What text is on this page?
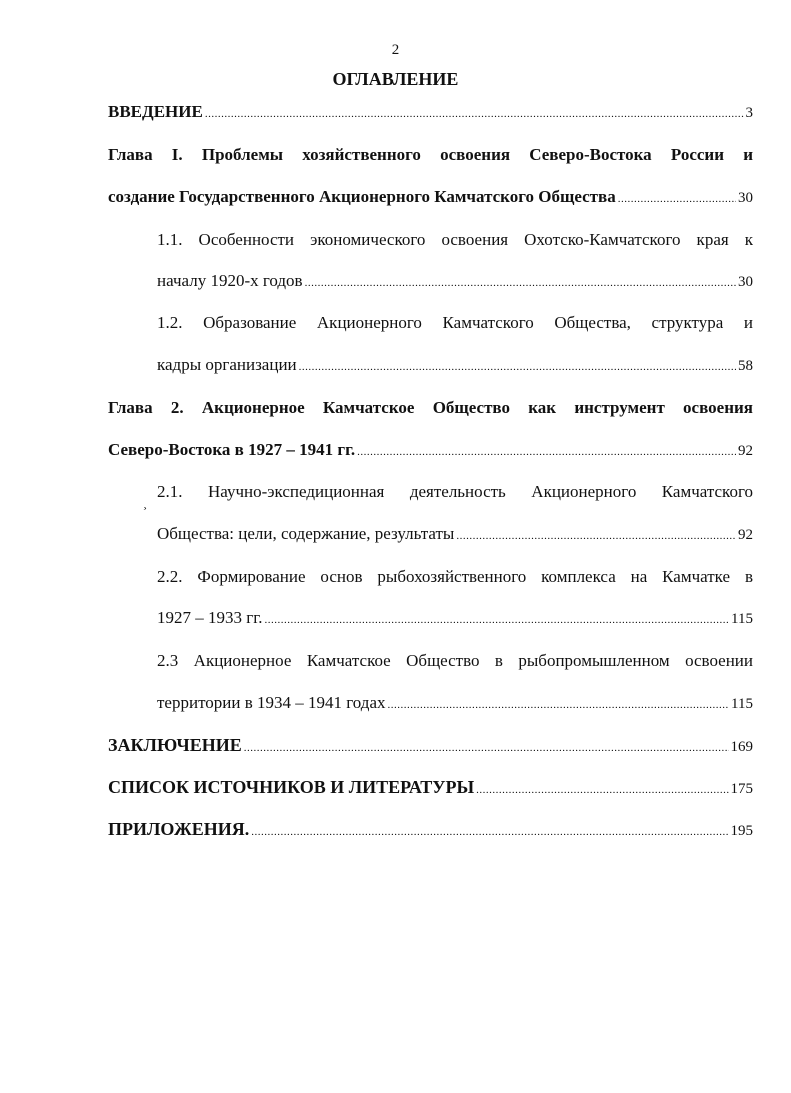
2
ОГЛАВЛЕНИЕ
ВВЕДЕНИЕ .....	3
Глава I. Проблемы хозяйственного освоения Северо-Востока России и
создание Государственного Акционерного Камчатского Общества .....	30
1.1. Особенности экономического освоения Охотско-Камчатского края к
началу 1920-х годов .....	30
1.2. Образование Акционерного Камчатского Общества, структура и
кадры организации .....	58
Глава 2. Акционерное Камчатское Общество как инструмент освоения
Северо-Востока в 1927 – 1941 гг. .....	92
¸
2.1. Научно-экспедиционная деятельность Акционерного Камчатского
Общества: цели, содержание, результаты .....	92
2.2. Формирование основ рыбохозяйственного комплекса на Камчатке в
1927 – 1933 гг. .....	115
2.3 Акционерное Камчатское Общество в рыбопромышленном освоении
территории в 1934 – 1941 годах .....	115
ЗАКЛЮЧЕНИЕ .....	169
СПИСОК ИСТОЧНИКОВ И ЛИТЕРАТУРЫ .....	175
ПРИЛОЖЕНИЯ. .....	195
